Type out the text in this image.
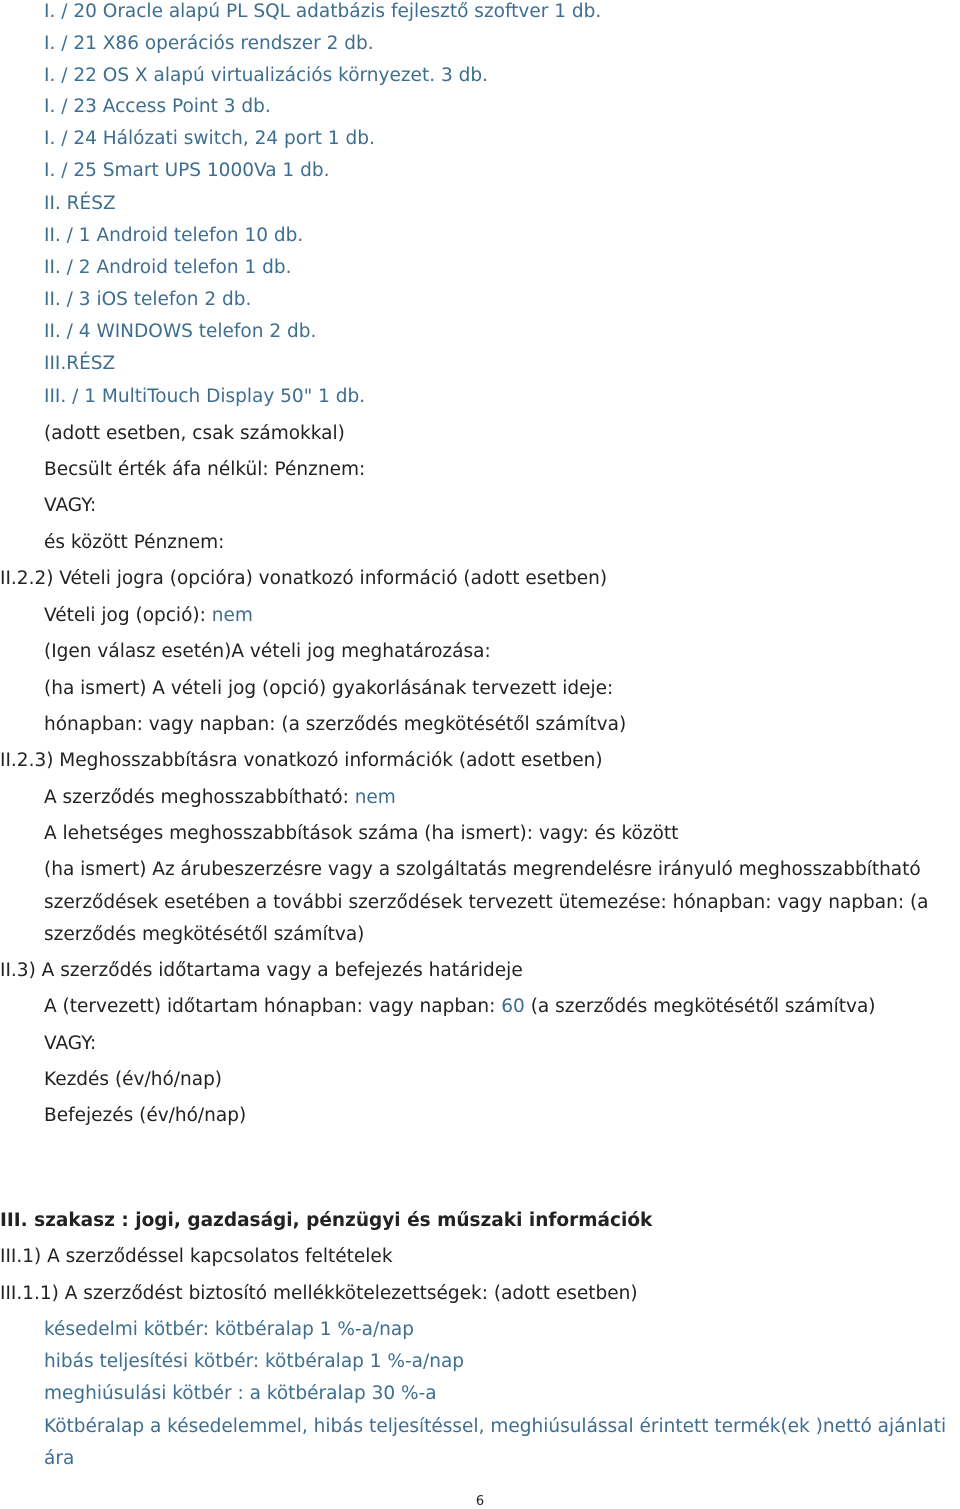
I. / 20 Oracle alapú PL SQL adatbázis fejlesztő szoftver 1 db.
I. / 21 X86 operációs rendszer 2 db.
I. / 22 OS X alapú virtualizációs környezet. 3 db.
I. / 23 Access Point 3 db.
I. / 24 Hálózati switch, 24 port 1 db.
I. / 25 Smart UPS 1000Va 1 db.
II. RÉSZ
II. / 1 Android telefon 10 db.
II. / 2 Android telefon 1 db.
II. / 3 iOS telefon 2 db.
II. / 4 WINDOWS telefon 2 db.
III.RÉSZ
III. / 1 MultiTouch Display 50" 1 db.
(adott esetben, csak számokkal)
Becsült érték áfa nélkül: Pénznem:
VAGY:
és között Pénznem:
II.2.2) Vételi jogra (opcióra) vonatkozó információ (adott esetben)
Vételi jog (opció): nem
(Igen válasz esetén)A vételi jog meghatározása:
(ha ismert) A vételi jog (opció) gyakorlásának tervezett ideje:
hónapban: vagy napban: (a szerződés megkötésétől számítva)
II.2.3) Meghosszabbításra vonatkozó információk (adott esetben)
A szerződés meghosszabbítható: nem
A lehetséges meghosszabbítások száma (ha ismert): vagy: és között
(ha ismert) Az árubeszerzésre vagy a szolgáltatás megrendelésre irányuló meghosszabbítható
szerződések esetében a további szerződések tervezett ütemezése: hónapban: vagy napban: (a
szerződés megkötésétől számítva)
II.3) A szerződés időtartama vagy a befejezés határideje
A (tervezett) időtartam hónapban: vagy napban: 60 (a szerződés megkötésétől számítva)
VAGY:
Kezdés (év/hó/nap)
Befejezés (év/hó/nap)
III. szakasz : jogi, gazdasági, pénzügyi és műszaki információk
III.1) A szerződéssel kapcsolatos feltételek
III.1.1) A szerződést biztosító mellékkötelezettségek: (adott esetben)
késedelmi kötbér: kötbéralap 1 %-a/nap
hibás teljesítési kötbér: kötbéralap 1 %-a/nap
meghiúsulási kötbér : a kötbéralap 30 %-a
Kötbéralap a késedelemmel, hibás teljesítéssel, meghiúsulással érintett termék(ek )nettó ajánlati
ára
6
